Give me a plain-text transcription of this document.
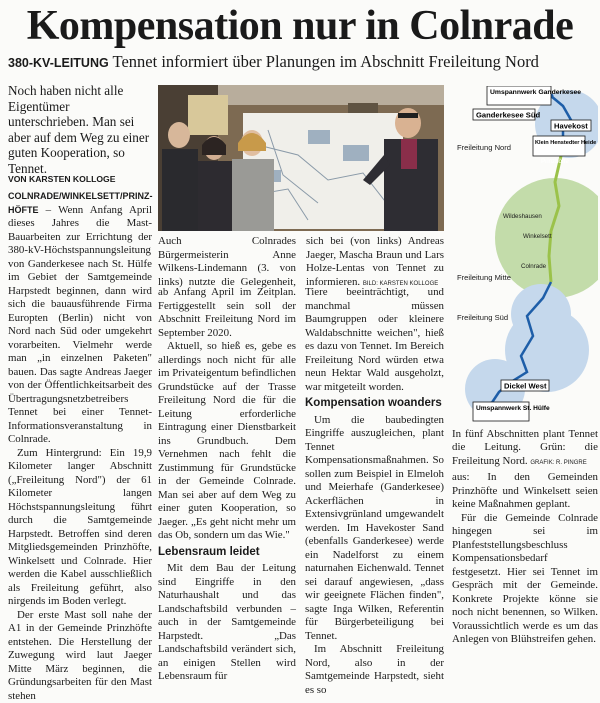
Kompensation nur in Colnrade
380-KV-LEITUNG Tennet informiert über Planungen im Abschnitt Freileitung Nord

Noch haben nicht alle Eigentümer unterschrieben. Man sei aber auf dem Weg zu einer guten Kooperation, so Tennet.

VON KARSTEN KOLLOGE

COLNRADE/WINKELSETT/PRINZ-HÖFTE – Wenn Anfang April dieses Jahres die Mast-Bauarbeiten zur Errichtung der 380-kV-Höchstspannungsleitung von Ganderkesee nach St. Hülfe im Gebiet der Samtgemeinde Harpstedt beginnen, dann wird sich die bauausführende Firma Europten (Berlin) nicht von Nord nach Süd oder umgekehrt vorarbeiten. Vielmehr werde man „in einzelnen Paketen" bauen. Das sagte Andreas Jaeger von der Öffentlichkeitsarbeit des Übertragungsnetzbetreibers Tennet bei einer Tennet-Informationsveranstaltung in Colnrade.

Zum Hintergrund: Ein 19,9 Kilometer langer Abschnitt („Freileitung Nord") der 61 Kilometer langen Höchstspannungsleitung führt durch die Samtgemeinde Harpstedt. Betroffen sind deren Mitgliedsgemeinden Prinzhöfte, Winkelsett und Colnrade. Hier werden die Kabel ausschließlich als Freileitung geführt, also nirgends im Boden verlegt.

Der erste Mast soll nahe der A1 in der Gemeinde Prinzhöfte entstehen. Die Herstellung der Zuwegung wird laut Jaeger Mitte März beginnen, die Gründungsarbeiten für den Mast stehen

Auch Colnrades Bürgermeisterin Anne Wilkens-Lindemann (3. von links) nutzte die Gelegenheit, sich bei (von links) Andreas Jaeger, Mascha Braun und Lars Holze-Lentas von Tennet zu informieren. BILD: KARSTEN KOLLOGE

ab Anfang April im Zeitplan. Fertiggestellt sein soll der Abschnitt Freileitung Nord im September 2020.

Aktuell, so hieß es, gebe es allerdings noch nicht für alle im Privateigentum befindlichen Grundstücke auf der Trasse Freileitung Nord die für die Leitung erforderliche Eintragung einer Dienstbarkeit ins Grundbuch. Dem Vernehmen nach fehlt die Zustimmung für Grundstücke in der Gemeinde Colnrade. Man sei aber auf dem Weg zu einer guten Kooperation, so Jaeger. „Es geht nicht mehr um das Ob, sondern um das Wie."

Lebensraum leidet

Mit dem Bau der Leitung sind Eingriffe in den Naturhaushalt und das Landschaftsbild verbunden – auch in der Samtgemeinde Harpstedt. „Das Landschaftsbild verändert sich, an einigen Stellen wird Lebensraum für

Tiere beeinträchtigt, und manchmal müssen Baumgruppen oder kleinere Waldabschnitte weichen", hieß es dazu von Tennet. Im Bereich Freileitung Nord würden etwa neun Hektar Wald ausgeholzt, war mitgeteilt worden.

Kompensation woanders

Um die baubedingten Eingriffe auszugleichen, plant Tennet Kompensationsmaßnahmen. So sollen zum Beispiel in Elmeloh und Meierhafe (Ganderkesee) Ackerflächen in Extensivgrünland umgewandelt werden. Im Havekoster Sand (ebenfalls Ganderkesee) werde ein Nadelforst zu einem naturnahen Eichenwald. Tennet sei darauf angewiesen, „dass wir geeignete Flächen finden", sagte Inga Wilken, Referentin für Bürgerbeteiligung bei Tennet.

Im Abschnitt Freileitung Nord, also in der Samtgemeinde Harpstedt, sieht es so

Umspannwerk Ganderkesee
Ganderkesee Süd
Havekost
Klein Henstedter Heide
Freileitung Nord
Prinzhöfte
Wildeshausen
Winkelsett
Colnrade
Freileitung Mitte
Freileitung Süd
Dickel West
Umspannwerk St. Hülfe

In fünf Abschnitten plant Tennet die Leitung. Grün: die Freileitung Nord. GRAFIK: R. PINGRE

aus: In den Gemeinden Prinzhöfte und Winkelsett seien keine Maßnahmen geplant.

Für die Gemeinde Colnrade hingegen sei im Planfeststellungsbeschluss Kompensationsbedarf festgesetzt. Hier sei Tennet im Gespräch mit der Gemeinde. Konkrete Projekte könne sie noch nicht benennen, so Wilken. Voraussichtlich werde es um das Anlegen von Blühstreifen gehen.
